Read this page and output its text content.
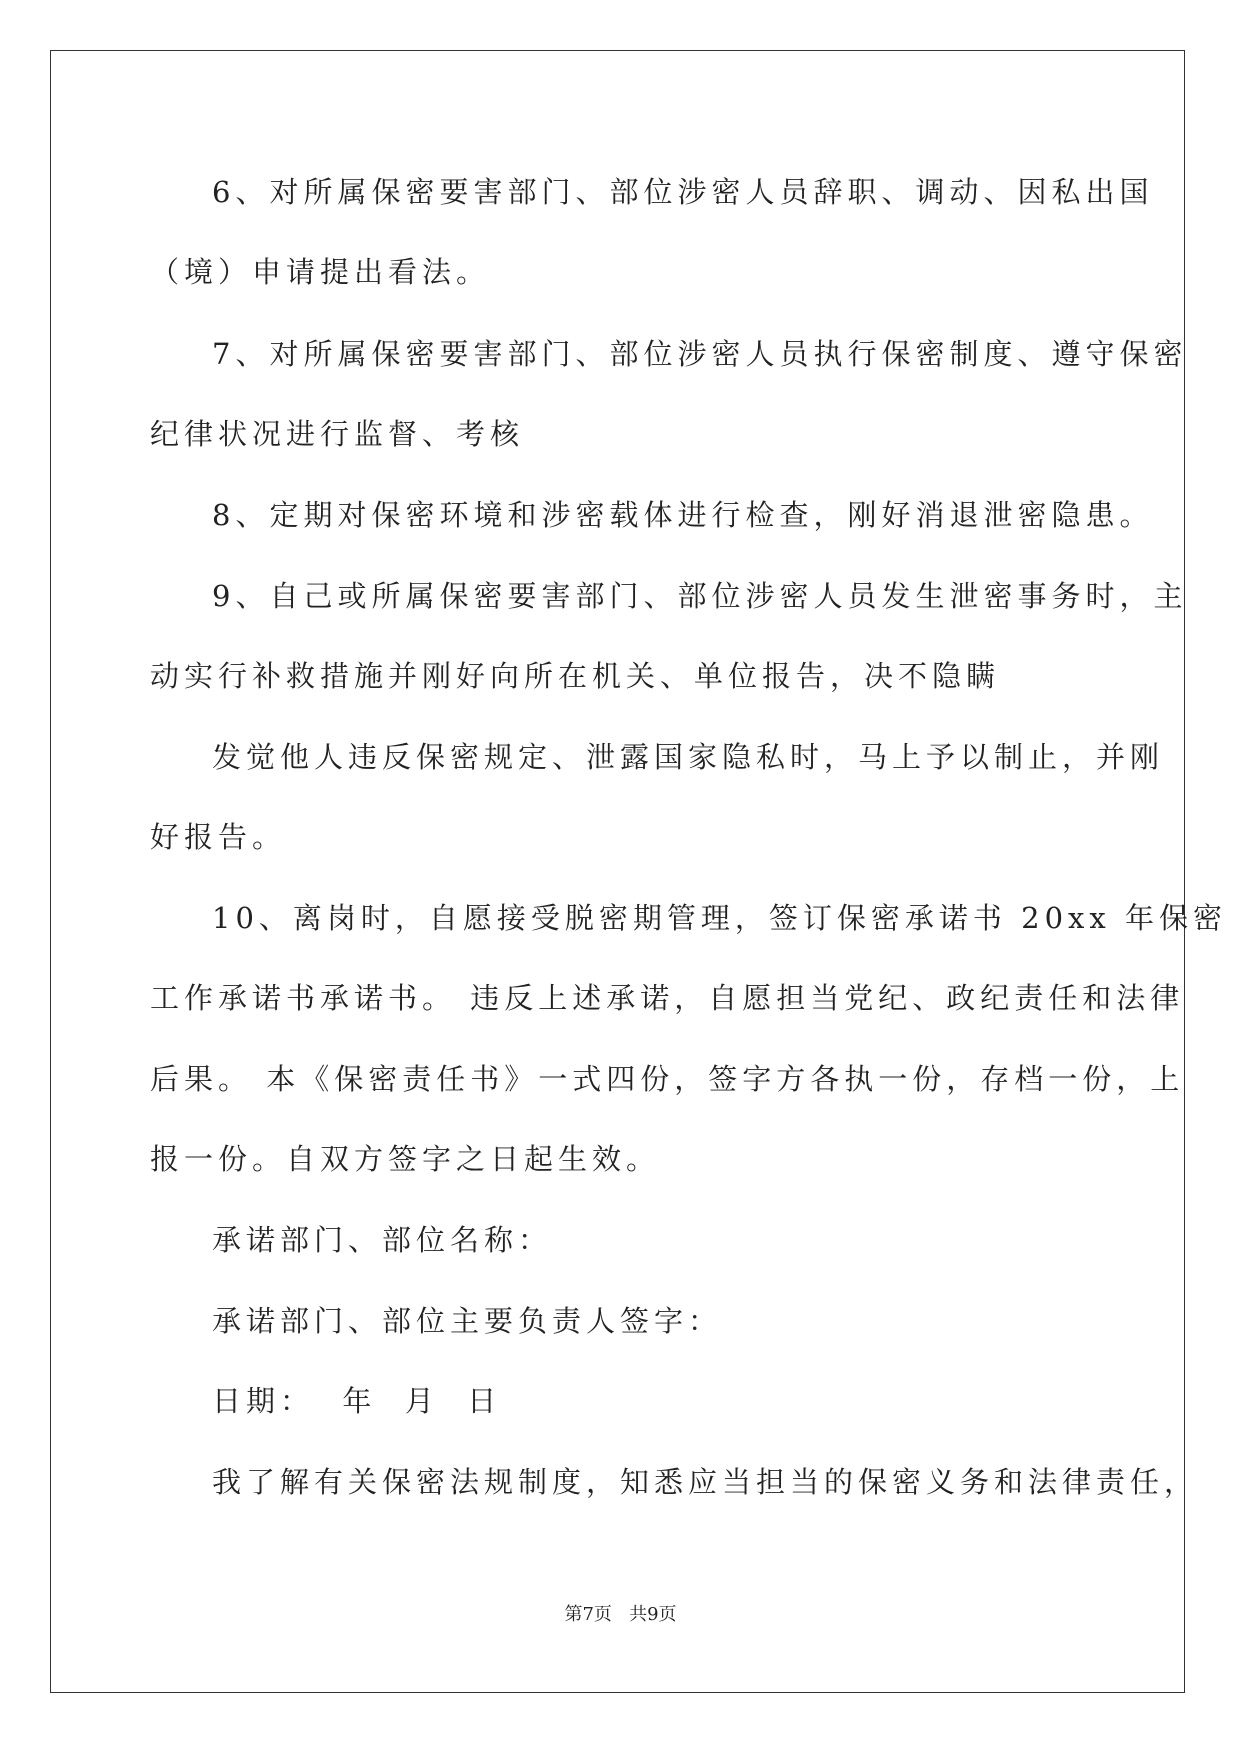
6、对所属保密要害部门、部位涉密人员辞职、调动、因私出国
（境）申请提出看法。
7、对所属保密要害部门、部位涉密人员执行保密制度、遵守保密
纪律状况进行监督、考核
8、定期对保密环境和涉密载体进行检查，刚好消退泄密隐患。
9、自己或所属保密要害部门、部位涉密人员发生泄密事务时，主
动实行补救措施并刚好向所在机关、单位报告，决不隐瞒
发觉他人违反保密规定、泄露国家隐私时，马上予以制止，并刚
好报告。
10、离岗时，自愿接受脱密期管理，签订保密承诺书 20xx 年保密
工作承诺书承诺书。 违反上述承诺，自愿担当党纪、政纪责任和法律
后果。 本《保密责任书》一式四份，签字方各执一份，存档一份，上
报一份。自双方签字之日起生效。
承诺部门、部位名称：
承诺部门、部位主要负责人签字：
日期：  年  月  日
我了解有关保密法规制度，知悉应当担当的保密义务和法律责任，
第7页   共9页
